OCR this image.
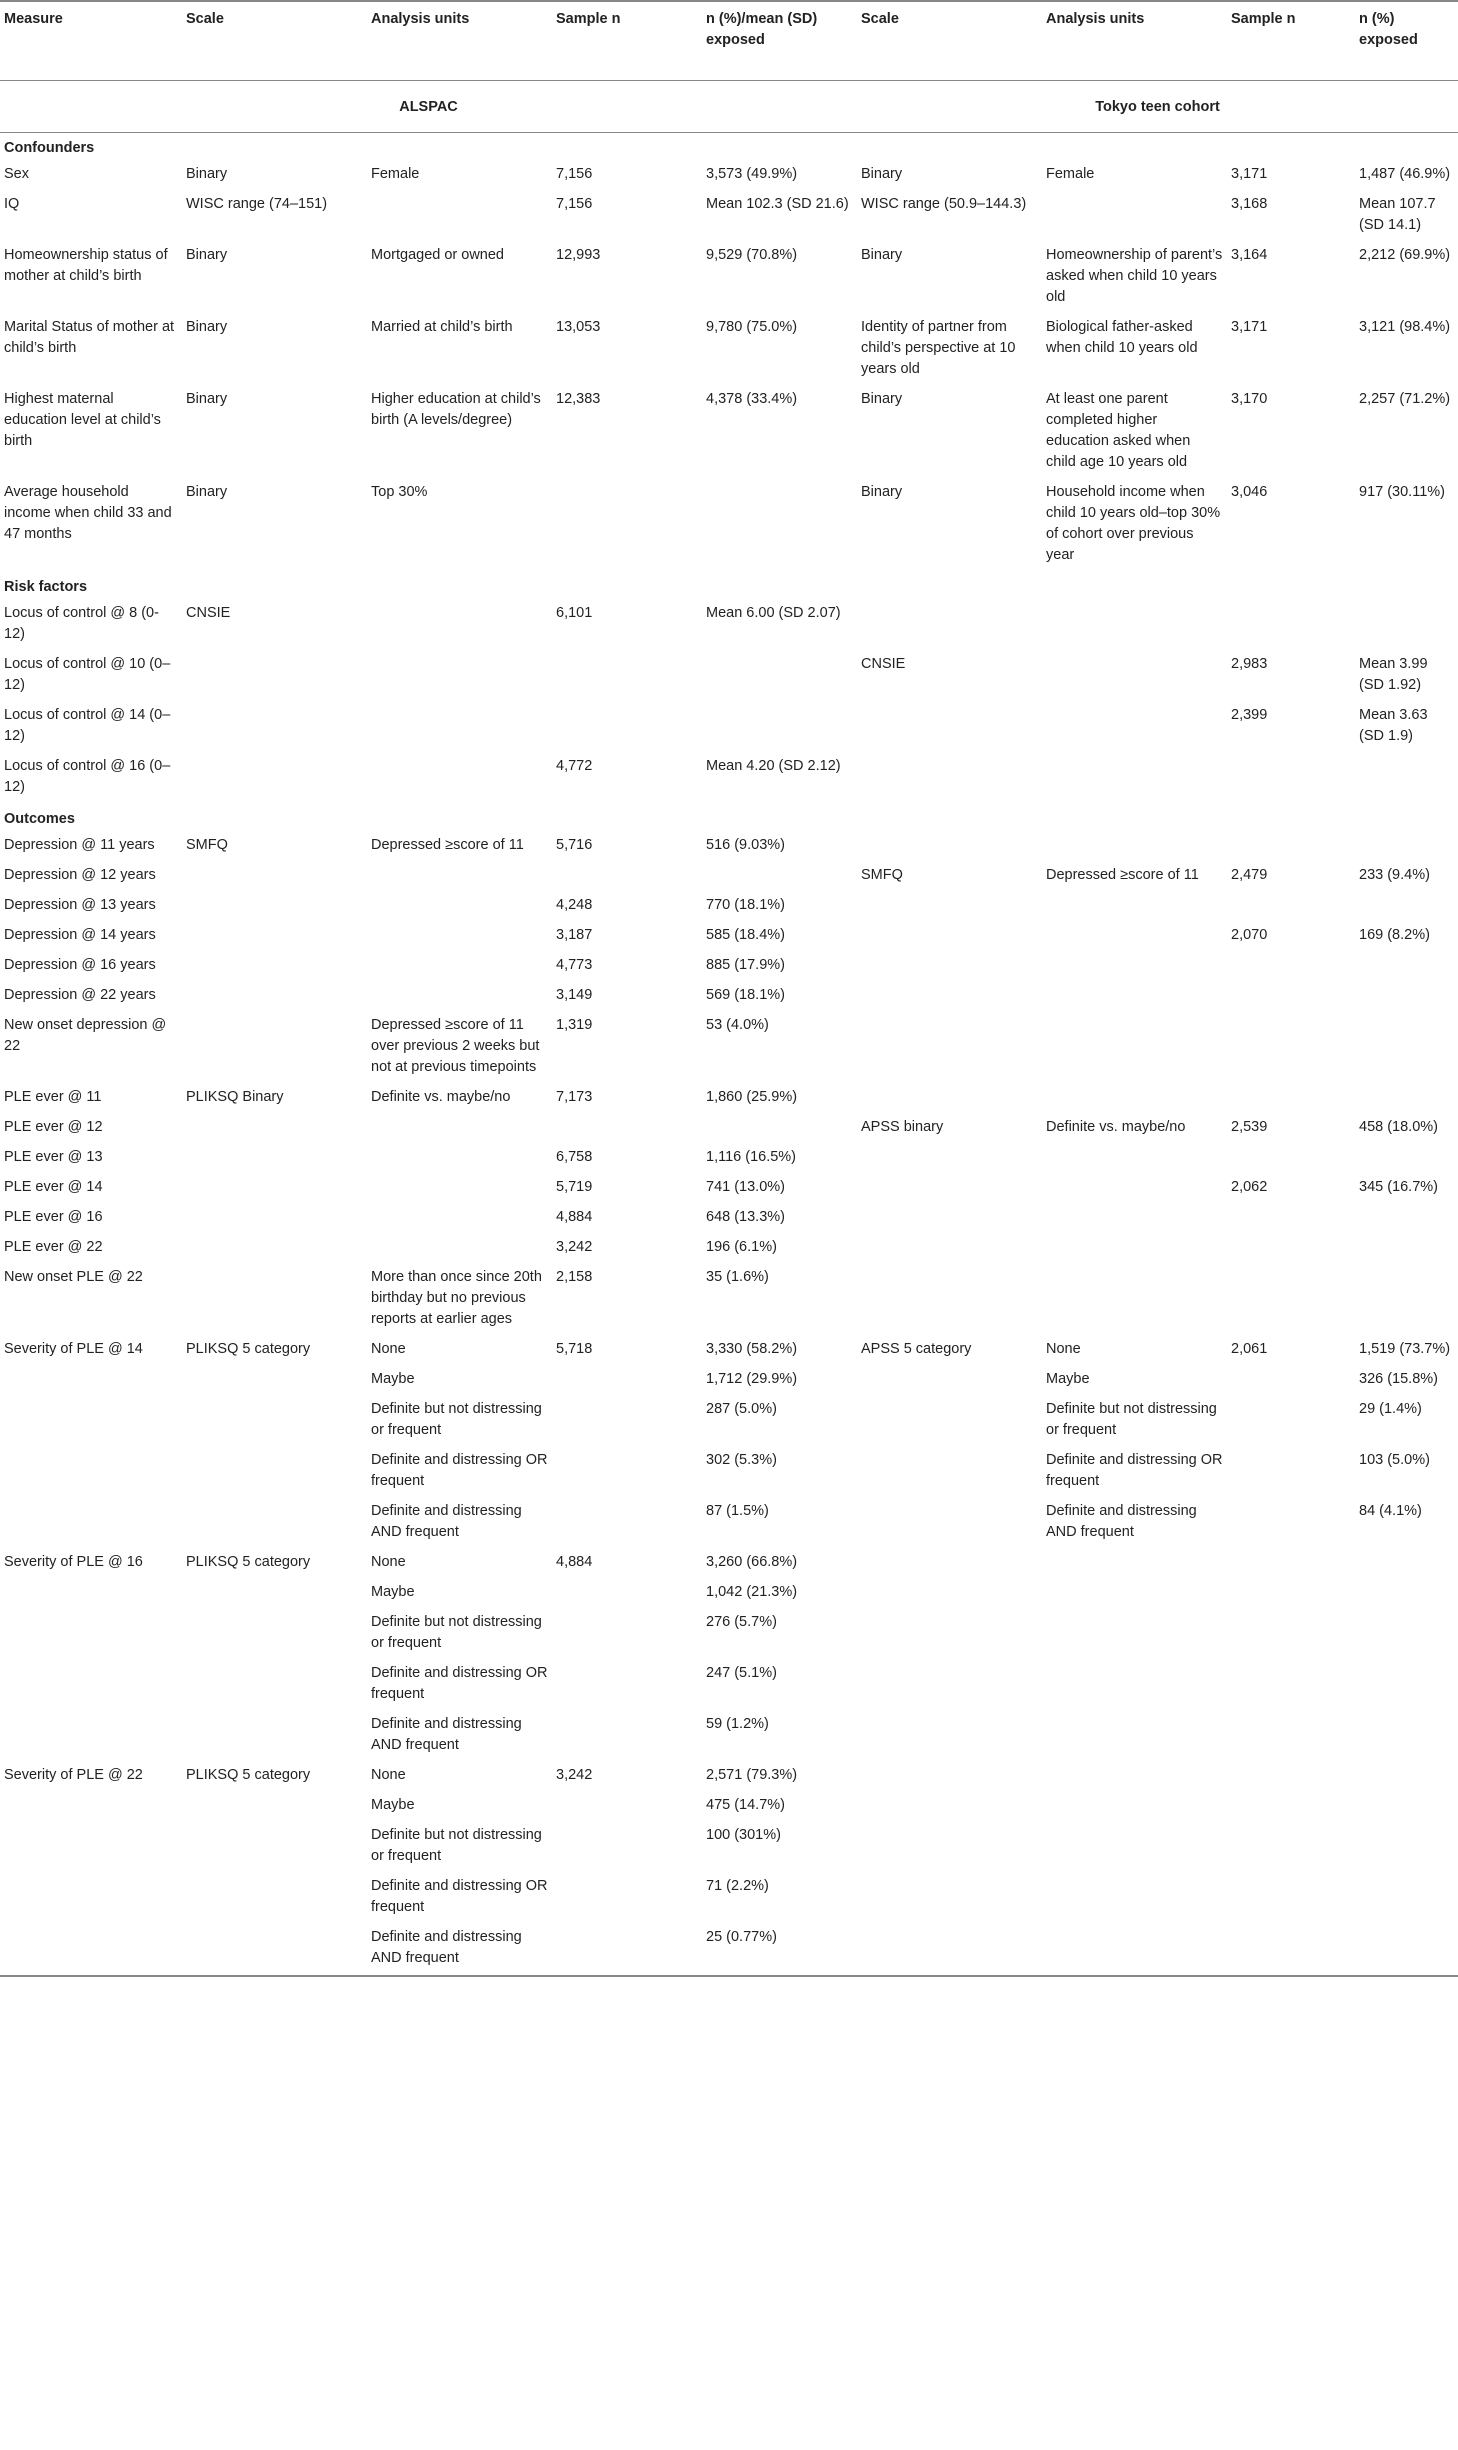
Measure	Scale	Analysis units	Sample n	n (%)/mean (SD) exposed	Scale	Analysis units	Sample n	n (%) exposed
ALSPAC					Tokyo teen cohort			
Confounders								
Sex	Binary	Female	7,156	3,573 (49.9%)	Binary	Female	3,171	1,487 (46.9%)
IQ	WISC range (74–151)		7,156	Mean 102.3 (SD 21.6)	WISC range (50.9–144.3)		3,168	Mean 107.7 (SD 14.1)
Homeownership status of mother at child’s birth	Binary	Mortgaged or owned	12,993	9,529 (70.8%)	Binary	Homeownership of parent’s asked when child 10 years old	3,164	2,212 (69.9%)
Marital Status of mother at child’s birth	Binary	Married at child’s birth	13,053	9,780 (75.0%)	Identity of partner from child’s perspective at 10 years old	Biological father-asked when child 10 years old	3,171	3,121 (98.4%)
Highest maternal education level at child’s birth	Binary	Higher education at child’s birth (A levels/degree)	12,383	4,378 (33.4%)	Binary	At least one parent completed higher education asked when child age 10 years old	3,170	2,257 (71.2%)
Average household income when child 33 and 47 months	Binary	Top 30%			Binary	Household income when child 10 years old–top 30% of cohort over previous year	3,046	917 (30.11%)
Risk factors								
Locus of control @ 8 (0-12)	CNSIE		6,101	Mean 6.00 (SD 2.07)				
Locus of control @ 10 (0–12)					CNSIE		2,983	Mean 3.99 (SD 1.92)
Locus of control @ 14 (0–12)							2,399	Mean 3.63 (SD 1.9)
Locus of control @ 16 (0–12)			4,772	Mean 4.20 (SD 2.12)				
Outcomes								
Depression @ 11 years	SMFQ	Depressed ≥score of 11	5,716	516 (9.03%)				
Depression @ 12 years					SMFQ	Depressed ≥score of 11	2,479	233 (9.4%)
Depression @ 13 years			4,248	770 (18.1%)				
Depression @ 14 years			3,187	585 (18.4%)			2,070	169 (8.2%)
Depression @ 16 years			4,773	885 (17.9%)				
Depression @ 22 years			3,149	569 (18.1%)				
New onset depression @ 22		Depressed ≥score of 11 over previous 2 weeks but not at previous timepoints	1,319	53 (4.0%)				
PLE ever @ 11	PLIKSQ Binary	Definite vs. maybe/no	7,173	1,860 (25.9%)				
PLE ever @ 12					APSS binary	Definite vs. maybe/no	2,539	458 (18.0%)
PLE ever @ 13			6,758	1,116 (16.5%)				
PLE ever @ 14			5,719	741 (13.0%)			2,062	345 (16.7%)
PLE ever @ 16			4,884	648 (13.3%)				
PLE ever @ 22			3,242	196 (6.1%)				
New onset PLE @ 22		More than once since 20th birthday but no previous reports at earlier ages	2,158	35 (1.6%)				
Severity of PLE @ 14	PLIKSQ 5 category	None	5,718	3,330 (58.2%)	APSS 5 category	None	2,061	1,519 (73.7%)
		Maybe		1,712 (29.9%)		Maybe		326 (15.8%)
		Definite but not distressing or frequent		287 (5.0%)		Definite but not distressing or frequent		29 (1.4%)
		Definite and distressing OR frequent		302 (5.3%)		Definite and distressing OR frequent		103 (5.0%)
		Definite and distressing AND frequent		87 (1.5%)		Definite and distressing AND frequent		84 (4.1%)
Severity of PLE @ 16	PLIKSQ 5 category	None	4,884	3,260 (66.8%)				
		Maybe		1,042 (21.3%)				
		Definite but not distressing or frequent		276 (5.7%)				
		Definite and distressing OR frequent		247 (5.1%)				
		Definite and distressing AND frequent		59 (1.2%)				
Severity of PLE @ 22	PLIKSQ 5 category	None	3,242	2,571 (79.3%)				
		Maybe		475 (14.7%)				
		Definite but not distressing or frequent		100 (301%)				
		Definite and distressing OR frequent		71 (2.2%)				
		Definite and distressing AND frequent		25 (0.77%)				
